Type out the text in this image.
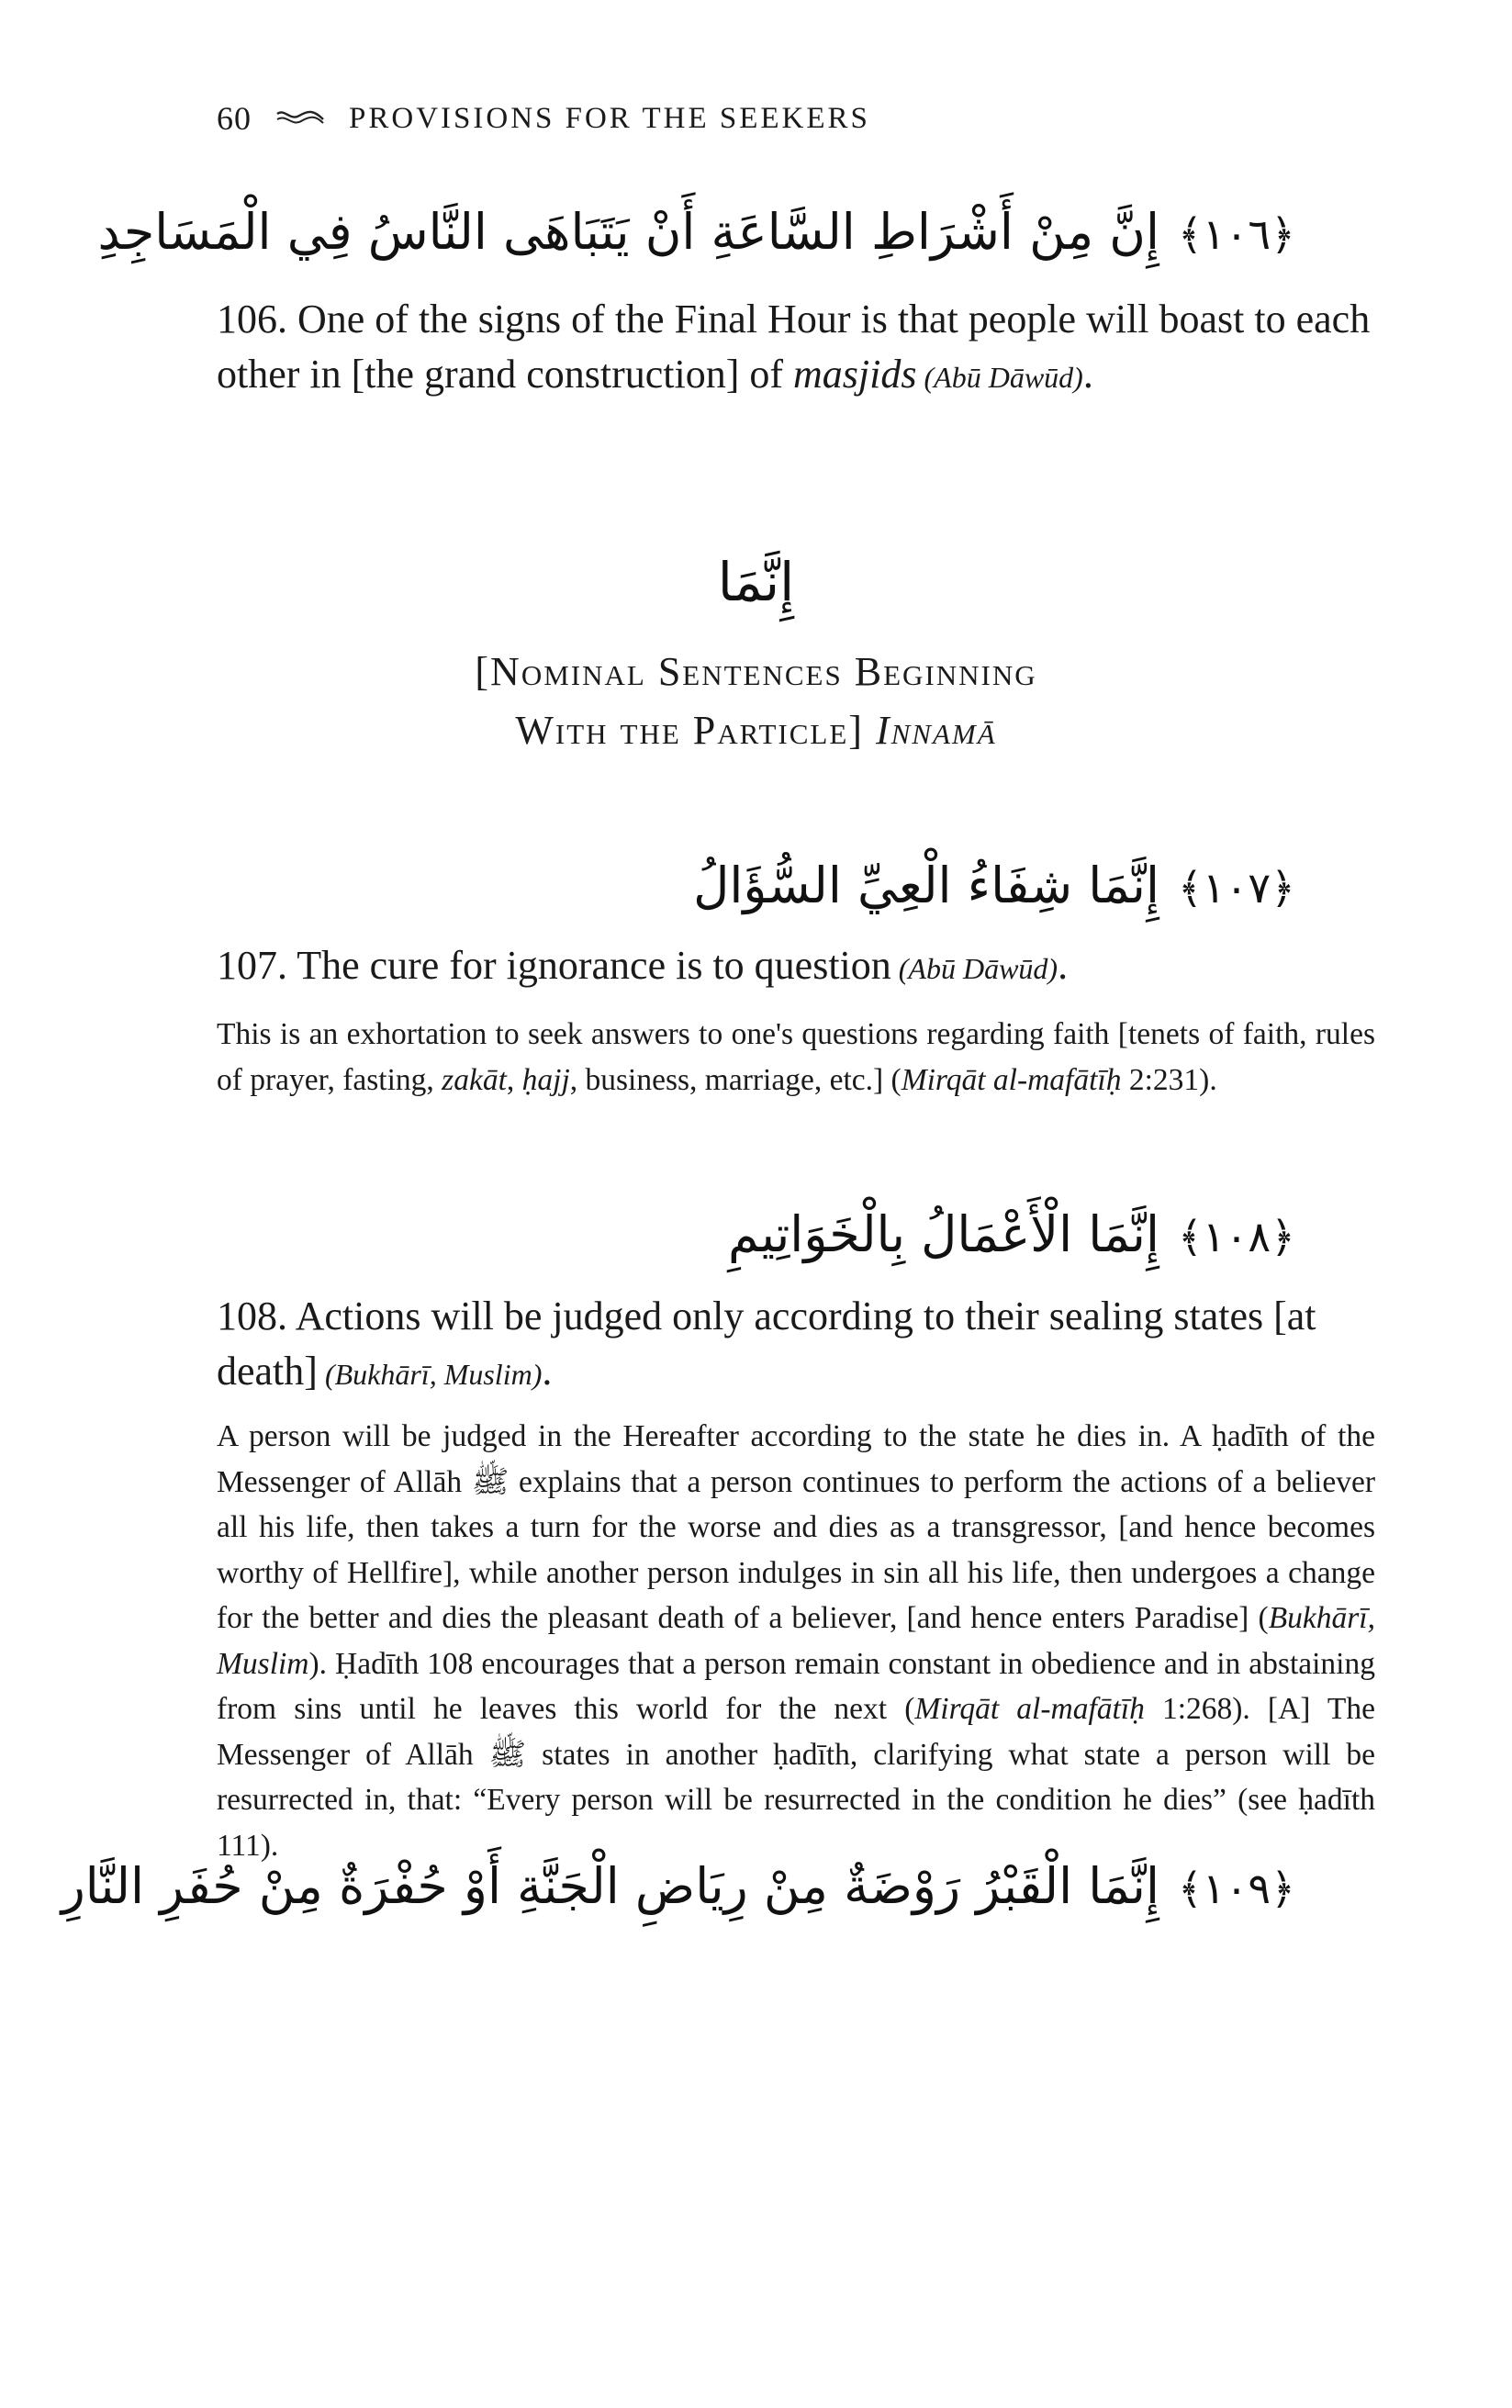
60	PROVISIONS FOR THE SEEKERS
﴿١٠٦﴾إِنَّ مِنْ أَشْرَاطِ السَّاعَةِ أَنْ يَتَبَاهَى النَّاسُ فِي الْمَسَاجِدِ
106. One of the signs of the Final Hour is that people will boast to each other in [the grand construction] of masjids (Abū Dāwūd).
إِنَّمَا
[Nominal Sentences Beginning
With the Particle] Innamā
﴿١٠٧﴾إِنَّمَا شِفَاءُ الْعِيِّ السُّؤَالُ
107. The cure for ignorance is to question (Abū Dāwūd).
This is an exhortation to seek answers to one's questions regarding faith [tenets of faith, rules of prayer, fasting, zakāt, ḥajj, business, marriage, etc.] (Mirqāt al-mafātīḥ 2:231).
﴿١٠٨﴾إِنَّمَا الْأَعْمَالُ بِالْخَوَاتِيمِ
108. Actions will be judged only according to their sealing states [at death] (Bukhārī, Muslim).
A person will be judged in the Hereafter according to the state he dies in. A ḥadīth of the Messenger of Allāh ﷺ explains that a person continues to perform the actions of a believer all his life, then takes a turn for the worse and dies as a transgressor, [and hence becomes worthy of Hellfire], while another person indulges in sin all his life, then undergoes a change for the better and dies the pleasant death of a believer, [and hence enters Paradise] (Bukhārī, Muslim). Ḥadīth 108 encourages that a person remain constant in obedience and in abstaining from sins until he leaves this world for the next (Mirqāt al-mafātīḥ 1:268). [A] The Messenger of Allāh ﷺ states in another ḥadīth, clarifying what state a person will be resurrected in, that: “Every person will be resurrected in the condition he dies” (see ḥadīth 111).
﴿١٠٩﴾إِنَّمَا الْقَبْرُ رَوْضَةٌ مِنْ رِيَاضِ الْجَنَّةِ أَوْ حُفْرَةٌ مِنْ حُفَرِ النَّارِ
